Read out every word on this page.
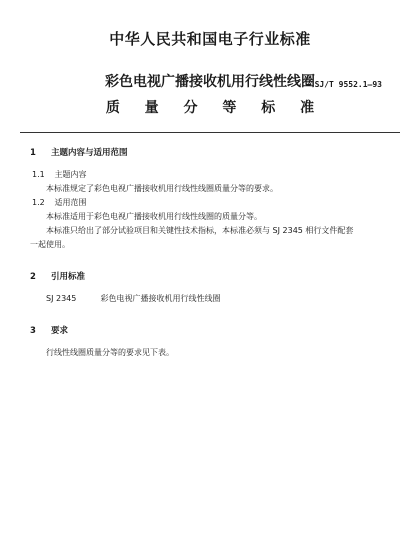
中华人民共和国电子行业标准
SJ/T 9552.1—93
彩色电视广播接收机用行线性线圈
质 量 分 等 标 准
1 主题内容与适用范围
1.1 主题内容
本标准规定了彩色电视广播接收机用行线性线圈质量分等的要求。
1.2 适用范围
本标准适用于彩色电视广播接收机用行线性线圈的质量分等。
本标准只给出了部分试验项目和关键性技术指标，本标准必须与 SJ 2345 相行文件配套
一起使用。
2 引用标准
SJ 2345	彩色电视广播接收机用行线性线圈
3 要求
行线性线圈质量分等的要求见下表。
